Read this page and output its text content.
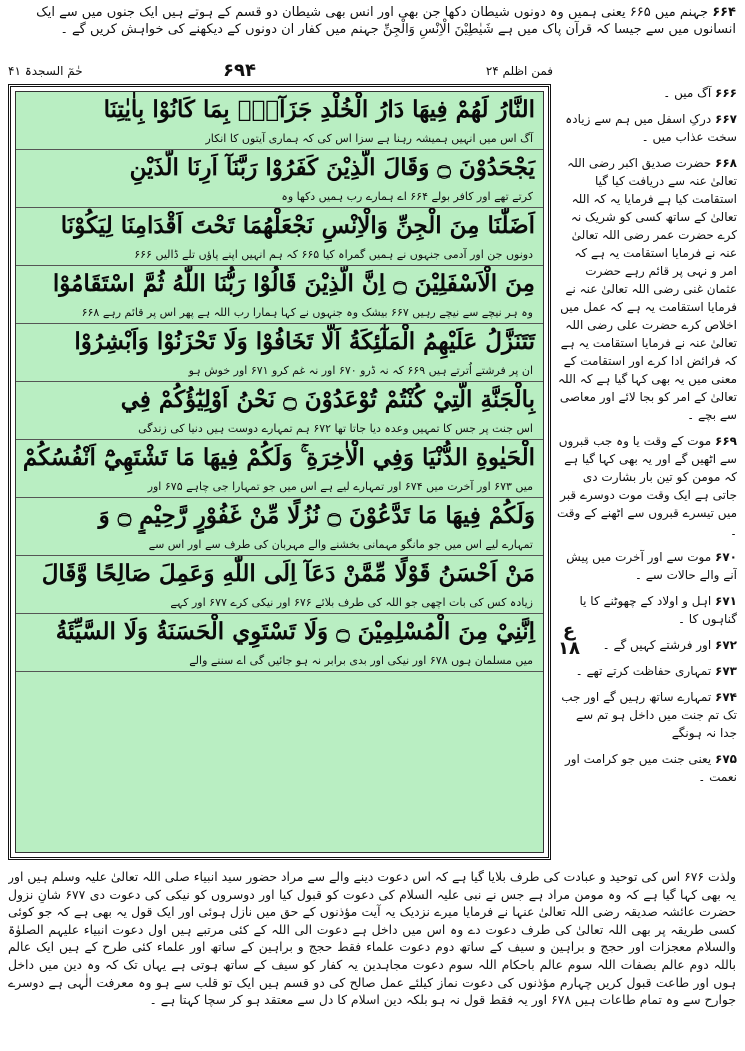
۶۶۴ جہنم میں ۶۶۵ یعنی ہمیں وہ دونوں شیطان دکھا جن بھی اور انس بھی شیطان دو قسم کے ہوتے ہیں ایک جنوں میں سے ایک انسانوں میں سے جیسا کہ قرآن پاک میں ہے شَیٰطِیْنَ الْاِنْسِ وَالْجِنِّ جہنم میں کفار ان دونوں کے دیکھنے کی خواہش کریں گے ۔
فمن اظلم ۲۴
۶۹۴
حٰمٓ السجدۃ ۴۱
النَّارُ لَهُمْ فِيهَا دَارُ الْخُلْدِ جَزَآءًۢ بِمَا كَانُوْا بِاٰيٰتِنَا
آگ اس میں انہیں ہمیشہ رہنا ہے سزا اس کی کہ ہماری آیتوں کا انکار
يَجْحَدُوْنَ ۝ وَقَالَ الَّذِيْنَ كَفَرُوْا رَبَّنَآ اَرِنَا الَّذَيْنِ
کرتے تھے اور کافر بولے ۶۶۴ اے ہمارے رب ہمیں دکھا وہ
اَضَلّٰنَا مِنَ الْجِنِّ وَالْاِنْسِ نَجْعَلْهُمَا تَحْتَ اَقْدَامِنَا لِيَكُوْنَا
دونوں جن اور آدمی جنہوں نے ہمیں گمراہ کیا ۶۶۵ کہ ہم انہیں اپنے پاؤں تلے ڈالیں ۶۶۶
مِنَ الْاَسْفَلِيْنَ ۝ اِنَّ الَّذِيْنَ قَالُوْا رَبُّنَا اللّٰهُ ثُمَّ اسْتَقَامُوْا
وہ ہر نیچے سے نیچے رہیں ۶۶۷ بیشک وہ جنہوں نے کہا ہمارا رب اللہ ہے پھر اس پر قائم رہے ۶۶۸
تَتَنَزَّلُ عَلَيْهِمُ الْمَلٰٓئِكَةُ اَلَّا تَخَافُوْا وَلَا تَحْزَنُوْا وَاَبْشِرُوْا
ان پر فرشتے اُترتے ہیں ۶۶۹ کہ نہ ڈرو ۶۷۰ اور نہ غم کرو ۶۷۱ اور خوش ہو
بِالْجَنَّةِ الَّتِيْ كُنْتُمْ تُوْعَدُوْنَ ۝ نَحْنُ اَوْلِيٰٓؤُكُمْ فِي
اس جنت پر جس کا تمہیں وعدہ دیا جاتا تھا ۶۷۲ ہم تمہارے دوست ہیں دنیا کی زندگی
الْحَيٰوةِ الدُّنْيَا وَفِي الْاٰخِرَةِ ۚ وَلَكُمْ فِيهَا مَا تَشْتَهِيْٓ اَنْفُسُكُمْ
میں ۶۷۳ اور آخرت میں ۶۷۴ اور تمہارے لیے ہے اس میں جو تمہارا جی چاہے ۶۷۵ اور
وَلَكُمْ فِيهَا مَا تَدَّعُوْنَ ۝ نُزُلًا مِّنْ غَفُوْرٍ رَّحِيْمٍ ۝ وَ
تمہارے لیے اس میں جو مانگو مہمانی بخشنے والے مہربان کی طرف سے اور اس سے
مَنْ اَحْسَنُ قَوْلًا مِّمَّنْ دَعَآ اِلَى اللّٰهِ وَعَمِلَ صَالِحًا وَّقَالَ
زیادہ کس کی بات اچھی جو اللہ کی طرف بلائے ۶۷۶ اور نیکی کرے ۶۷۷ اور کہے
اِنَّنِيْ مِنَ الْمُسْلِمِيْنَ ۝ وَلَا تَسْتَوِي الْحَسَنَةُ وَلَا السَّيِّئَةُ
میں مسلمان ہوں ۶۷۸ اور نیکی اور بدی برابر نہ ہو جائیں گی اے سننے والے

۶۶۶ آگ میں ۔

۶۶۷ درکِ اسفل میں ہم سے زیادہ سخت عذاب میں ۔

۶۶۸ حضرت صدیق اکبر رضی اللہ تعالیٰ عنہ سے دریافت کیا گیا استقامت کیا ہے فرمایا یہ کہ اللہ تعالیٰ کے ساتھ کسی کو شریک نہ کرے حضرت عمر رضی اللہ تعالیٰ عنہ نے فرمایا استقامت یہ ہے کہ امر و نہی پر قائم رہے حضرت عثمان غنی رضی اللہ تعالیٰ عنہ نے فرمایا استقامت یہ ہے کہ عمل میں اخلاص کرے حضرت علی رضی اللہ تعالیٰ عنہ نے فرمایا استقامت یہ ہے کہ فرائض ادا کرے اور استقامت کے معنی میں یہ بھی کہا گیا ہے کہ اللہ تعالیٰ کے امر کو بجا لائے اور معاصی سے بچے ۔

۶۶۹ موت کے وقت یا وہ جب قبروں سے اٹھیں گے اور یہ بھی کہا گیا ہے کہ مومن کو تین بار بشارت دی جاتی ہے ایک وقت موت دوسرے قبر میں تیسرے قبروں سے اٹھنے کے وقت ۔

۶۷۰ موت سے اور آخرت میں پیش آنے والے حالات سے ۔

۶۷۱ اہل و اولاد کے چھوٹنے کا یا گناہوں کا ۔

۶۷۲ اور فرشتے کہیں گے ۔

۶۷۳ تمہاری حفاظت کرتے تھے ۔

۶۷۴ تمہارے ساتھ رہیں گے اور جب تک تم جنت میں داخل ہو تم سے جدا نہ ہونگے

۶۷۵ یعنی جنت میں جو کرامت اور نعمت ۔

ع ۱۸
ولذت ۶۷۶ اس کی توحید و عبادت کی طرف بلایا گیا ہے کہ اس دعوت دینے والے سے مراد حضور سید انبیاء صلی اللہ تعالیٰ علیہ وسلم ہیں اور یہ بھی کہا گیا ہے کہ وہ مومن مراد ہے جس نے نبی علیہ السلام کی دعوت کو قبول کیا اور دوسروں کو نیکی کی دعوت دی ۶۷۷ شانِ نزول حضرت عائشہ صدیقہ رضی اللہ تعالیٰ عنہا نے فرمایا میرے نزدیک یہ آیت مؤذنوں کے حق میں نازل ہوئی اور ایک قول یہ بھی ہے کہ جو کوئی کسی طریقہ پر بھی اللہ تعالیٰ کی طرف دعوت دے وہ اس میں داخل ہے دعوت الی اللہ کے کئی مرتبے ہیں اول دعوت انبیاء علیہم الصلوٰۃ والسلام معجزات اور حجج و براہین و سیف کے ساتھ دوم دعوت علماء فقط حجج و براہین کے ساتھ اور علماء کئی طرح کے ہیں ایک عالم باللہ دوم عالم بصفات اللہ سوم عالم باحکام اللہ سوم دعوت مجاہدین یہ کفار کو سیف کے ساتھ ہوتی ہے یہاں تک کہ وہ دین میں داخل ہوں اور طاعت قبول کریں چہارم مؤذنوں کی دعوت نماز کیلئے عمل صالح کی دو قسم ہیں ایک تو قلب سے ہو وہ معرفت الٰہی ہے دوسرے جوارح سے وہ تمام طاعات ہیں ۶۷۸ اور یہ فقط قول نہ ہو بلکہ دین اسلام کا دل سے معتقد ہو کر سچا کہتا ہے ۔
